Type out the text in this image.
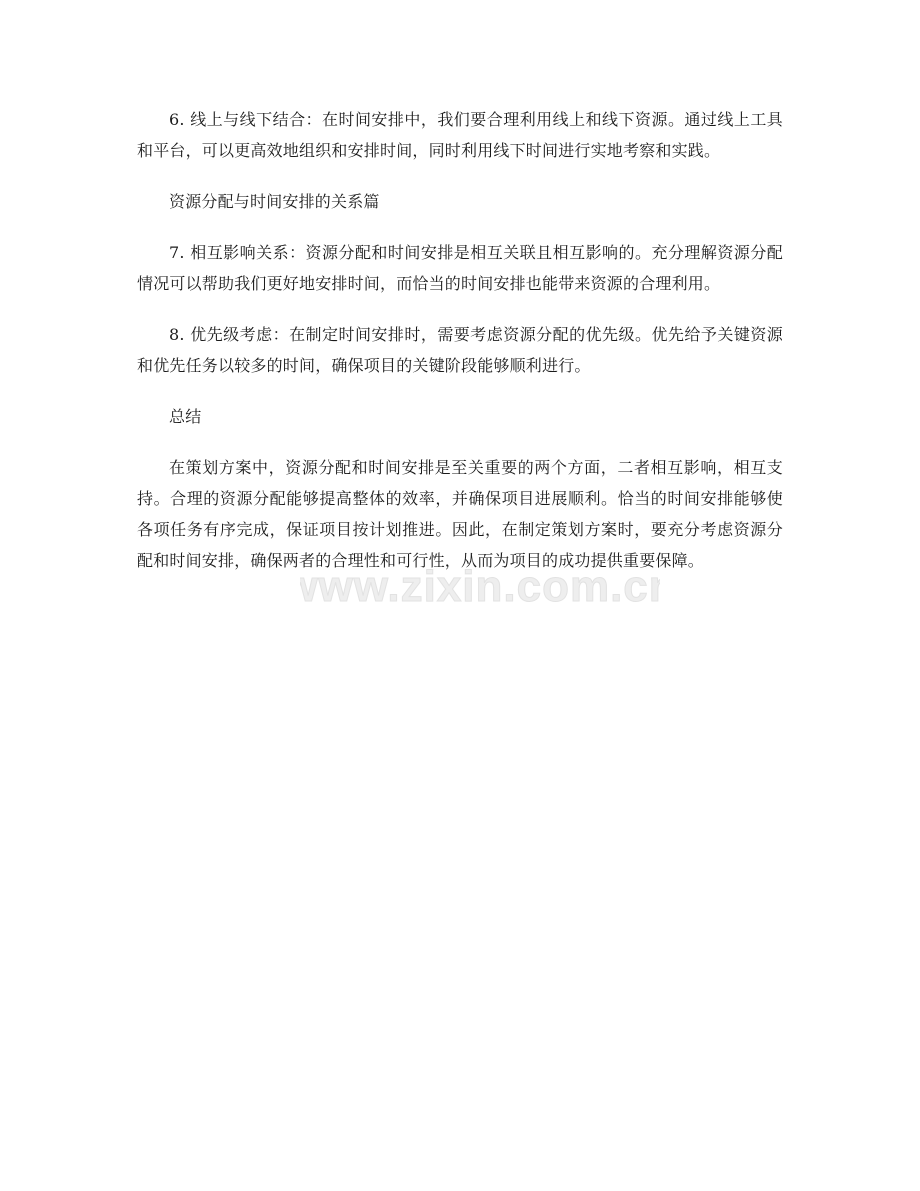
6. 线上与线下结合：在时间安排中，我们要合理利用线上和线下资源。通过线上工具和平台，可以更高效地组织和安排时间，同时利用线下时间进行实地考察和实践。

资源分配与时间安排的关系篇

7. 相互影响关系：资源分配和时间安排是相互关联且相互影响的。充分理解资源分配情况可以帮助我们更好地安排时间，而恰当的时间安排也能带来资源的合理利用。

8. 优先级考虑：在制定时间安排时，需要考虑资源分配的优先级。优先给予关键资源和优先任务以较多的时间，确保项目的关键阶段能够顺利进行。

总结

在策划方案中，资源分配和时间安排是至关重要的两个方面，二者相互影响，相互支持。合理的资源分配能够提高整体的效率，并确保项目进展顺利。恰当的时间安排能够使各项任务有序完成，保证项目按计划推进。因此，在制定策划方案时，要充分考虑资源分配和时间安排，确保两者的合理性和可行性，从而为项目的成功提供重要保障。

www.zixin.com.cn
